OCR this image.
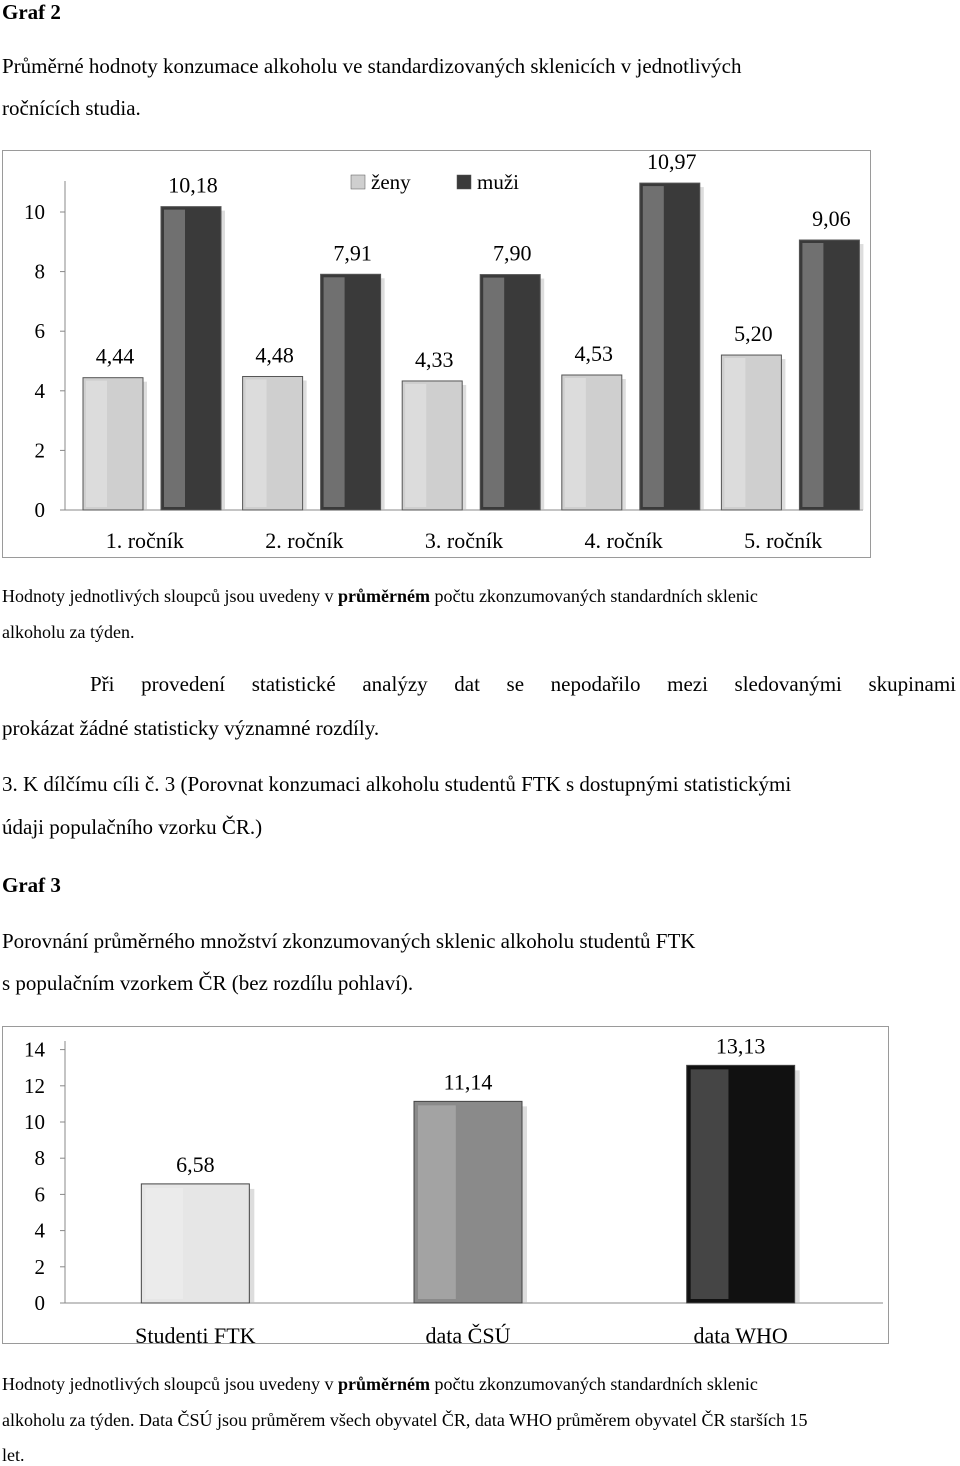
Graf 2
Průměrné hodnoty konzumace alkoholu ve standardizovaných sklenicích v jednotlivých
ročnících studia.
0
2
4
6
8
10
4,44
10,18
1. ročník
4,48
7,91
2. ročník
4,33
7,90
3. ročník
4,53
10,97
4. ročník
5,20
9,06
5. ročník
ženy	muži
Hodnoty jednotlivých sloupců jsou uvedeny v průměrném počtu zkonzumovaných standardních sklenic
alkoholu za týden.
Při provedení statistické analýzy dat se nepodařilo mezi sledovanými skupinami
prokázat žádné statisticky významné rozdíly.
3. K dílčímu cíli č. 3 (Porovnat konzumaci alkoholu studentů FTK s dostupnými statistickými
údaji populačního vzorku ČR.)
Graf 3
Porovnání průměrného množství zkonzumovaných sklenic alkoholu studentů FTK
s populačním vzorkem ČR (bez rozdílu pohlaví).
0
2
4
6
8
10
12
14
6,58
Studenti FTK
11,14
data ČSÚ
13,13
data WHO
Hodnoty jednotlivých sloupců jsou uvedeny v průměrném počtu zkonzumovaných standardních sklenic
alkoholu za týden. Data ČSÚ jsou průměrem všech obyvatel ČR, data WHO průměrem obyvatel ČR starších 15
let.
